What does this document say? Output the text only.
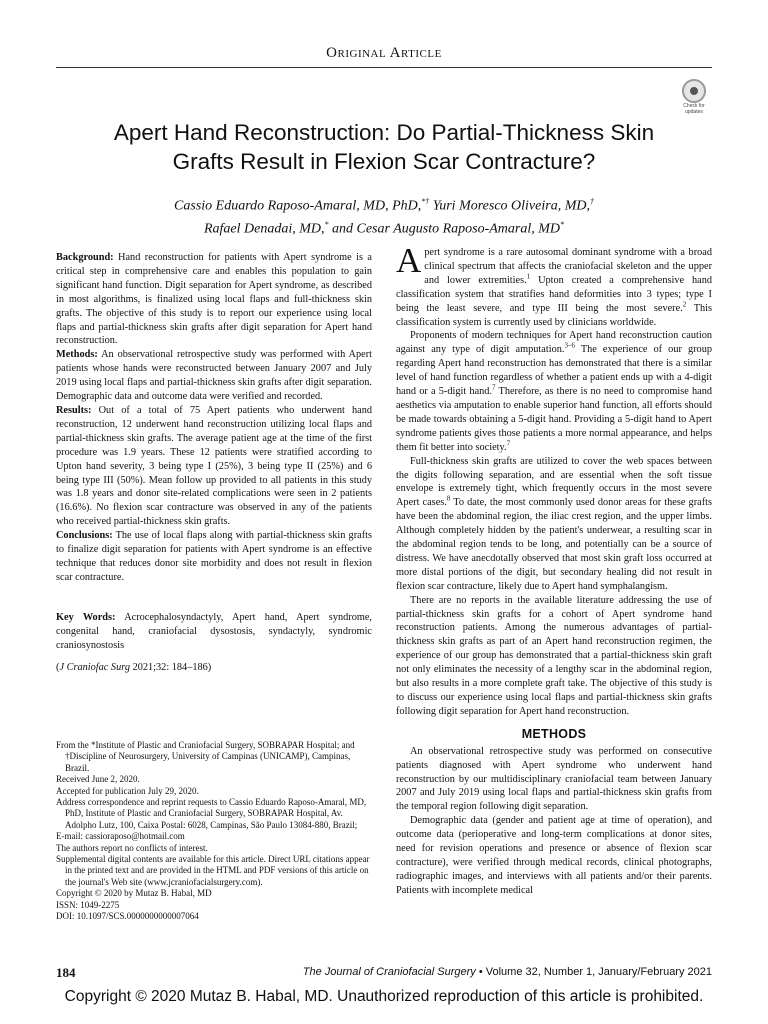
Original Article
Check for
updates
Apert Hand Reconstruction: Do Partial-Thickness Skin
Grafts Result in Flexion Scar Contracture?
Cassio Eduardo Raposo-Amaral, MD, PhD,*† Yuri Moresco Oliveira, MD,†
Rafael Denadai, MD,* and Cesar Augusto Raposo-Amaral, MD*

Background: Hand reconstruction for patients with Apert syndrome is a critical step in comprehensive care and enables this population to gain significant hand function. Digit separation for Apert syndrome, as described in most algorithms, is finalized using local flaps and full-thickness skin grafts. The objective of this study is to report our experience using local flaps and partial-thickness skin grafts after digit separation for Apert hand reconstruction.

Methods: An observational retrospective study was performed with Apert patients whose hands were reconstructed between January 2007 and July 2019 using local flaps and partial-thickness skin grafts after digit separation. Demographic data and outcome data were verified and recorded.

Results: Out of a total of 75 Apert patients who underwent hand reconstruction, 12 underwent hand reconstruction utilizing local flaps and partial-thickness skin grafts. The average patient age at the time of the first procedure was 1.9 years. These 12 patients were stratified according to Upton hand severity, 3 being type I (25%), 3 being type II (25%) and 6 being type III (50%). Mean follow up provided to all patients in this study was 1.8 years and donor site-related complications were seen in 2 patients (16.6%). No flexion scar contracture was observed in any of the patients who received partial-thickness skin grafts.

Conclusions: The use of local flaps along with partial-thickness skin grafts to finalize digit separation for patients with Apert syndrome is an effective technique that reduces donor site morbidity and does not result in flexion scar contracture.

Key Words: Acrocephalosyndactyly, Apert hand, Apert syndrome, congenital hand, craniofacial dysostosis, syndactyly, syndromic craniosynostosis

(J Craniofac Surg 2021;32: 184–186)

From the *Institute of Plastic and Craniofacial Surgery, SOBRAPAR Hospital; and †Discipline of Neurosurgery, University of Campinas (UNICAMP), Campinas, Brazil.

Received June 2, 2020.

Accepted for publication July 29, 2020.

Address correspondence and reprint requests to Cassio Eduardo Raposo-Amaral, MD, PhD, Institute of Plastic and Craniofacial Surgery, SOBRAPAR Hospital, Av. Adolpho Lutz, 100, Caixa Postal: 6028, Campinas, São Paulo 13084-880, Brazil;

E-mail: cassioraposo@hotmail.com

The authors report no conflicts of interest.

Supplemental digital contents are available for this article. Direct URL citations appear in the printed text and are provided in the HTML and PDF versions of this article on the journal's Web site (www.jcraniofacialsurgery.com).

Copyright © 2020 by Mutaz B. Habal, MD

ISSN: 1049-2275

DOI: 10.1097/SCS.0000000000007064

Apert syndrome is a rare autosomal dominant syndrome with a broad clinical spectrum that affects the craniofacial skeleton and the upper and lower extremities.$^1$ Upton created a comprehensive hand classification system that stratifies hand deformities into 3 types; type I being the least severe, and type III being the most severe.$^2$ This classification system is currently used by clinicians worldwide.

Proponents of modern techniques for Apert hand reconstruction caution against any type of digit amputation.$^{3-6}$ The experience of our group regarding Apert hand reconstruction has demonstrated that there is a similar level of hand function regardless of whether a patient ends up with a 4-digit hand or a 5-digit hand.$^7$ Therefore, as there is no need to compromise hand aesthetics via amputation to enable superior hand function, all efforts should be made towards obtaining a 5-digit hand. Providing a 5-digit hand to Apert syndrome patients gives those patients a more normal appearance, and helps them fit better into society.$^7$

Full-thickness skin grafts are utilized to cover the web spaces between the digits following separation, and are essential when the soft tissue envelope is extremely tight, which frequently occurs in the most severe Apert cases.$^8$ To date, the most commonly used donor areas for these grafts have been the abdominal region, the iliac crest region, and the upper limbs. Although completely hidden by the patient's underwear, a resulting scar in the abdominal region tends to be long, and potentially can be a source of distress. We have anecdotally observed that most skin graft loss occurred at more distal portions of the digit, but secondary healing did not result in flexion scar contracture, likely due to Apert hand symphalangism.

There are no reports in the available literature addressing the use of partial-thickness skin grafts for a cohort of Apert syndrome hand reconstruction patients. Among the numerous advantages of partial-thickness skin grafts as part of an Apert hand reconstruction regimen, the experience of our group has demonstrated that a partial-thickness skin graft not only eliminates the necessity of a lengthy scar in the abdominal region, but also results in a more complete graft take. The objective of this study is to discuss our experience using local flaps and partial-thickness skin grafts following digit separation for Apert hand reconstruction.

METHODS

An observational retrospective study was performed on consecutive patients diagnosed with Apert syndrome who underwent hand reconstruction by our multidisciplinary craniofacial team between January 2007 and July 2019 using local flaps and partial-thickness skin grafts from the temporal region following digit separation.

Demographic data (gender and patient age at time of operation), and outcome data (perioperative and long-term complications at donor sites, need for revision operations and presence or absence of flexion scar contracture), were verified through medical records, clinical photographs, radiographic images, and interviews with all patients and/or their parents. Patients with incomplete medical

184	The Journal of Craniofacial Surgery • Volume 32, Number 1, January/February 2021
Copyright © 2020 Mutaz B. Habal, MD. Unauthorized reproduction of this article is prohibited.
